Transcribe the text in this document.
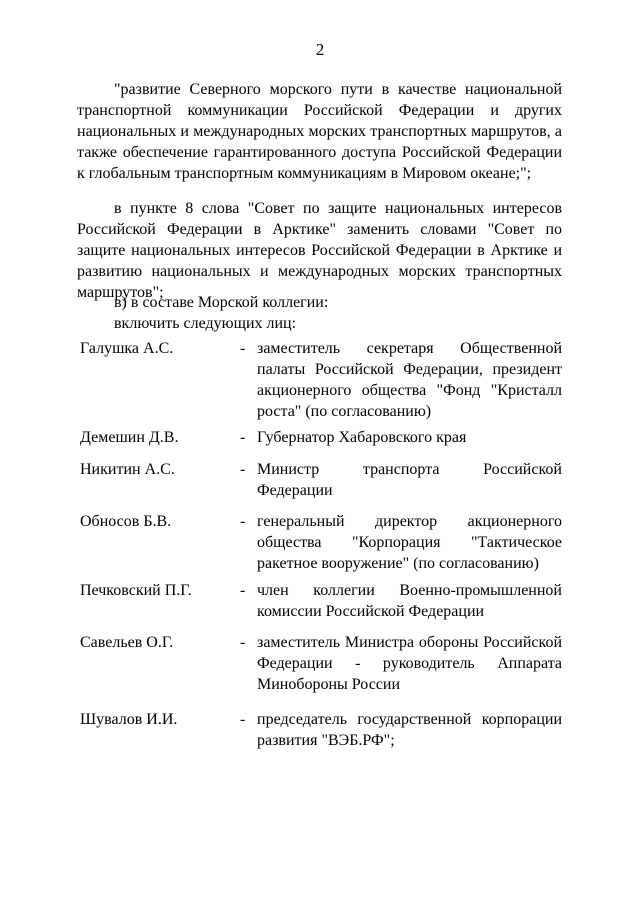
2

"развитие Северного морского пути в качестве национальной транспортной коммуникации Российской Федерации и других национальных и международных морских транспортных маршрутов, а также обеспечение гарантированного доступа Российской Федерации к глобальным транспортным коммуникациям в Мировом океане;";

в пункте 8 слова "Совет по защите национальных интересов Российской Федерации в Арктике" заменить словами "Совет по защите национальных интересов Российской Федерации в Арктике и развитию национальных и международных морских транспортных маршрутов";

в) в составе Морской коллегии:

включить следующих лиц:

Галушка А.С.	- заместитель секретаря Общественной палаты Российской Федерации, президент акционерного общества "Фонд "Кристалл роста" (по согласованию)
Демешин Д.В.	- Губернатор Хабаровского края
Никитин А.С.	- Министр транспорта Российской Федерации
Обносов Б.В.	- генеральный директор акционерного общества "Корпорация "Тактическое ракетное вооружение" (по согласованию)
Печковский П.Г.	- член коллегии Военно-промышленной комиссии Российской Федерации
Савельев О.Г.	- заместитель Министра обороны Российской Федерации - руководитель Аппарата Минобороны России
Шувалов И.И.	- председатель государственной корпорации развития "ВЭБ.РФ";
